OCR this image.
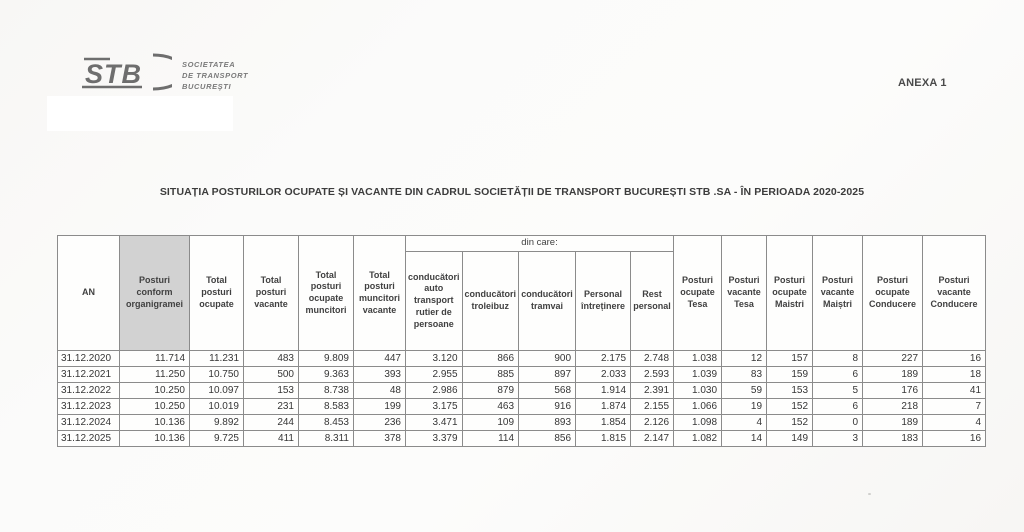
STB	SOCIETATEA
DE TRANSPORT
BUCUREŞTI	ANEXA 1
SITUAȚIA POSTURILOR OCUPATE ȘI VACANTE DIN CADRUL SOCIETĂȚII DE TRANSPORT BUCUREȘTI STB .SA - ÎN PERIOADA 2020-2025
AN	Posturi conform organigramei	Total posturi ocupate	Total posturi vacante	Total posturi ocupate muncitori	Total posturi muncitori vacante	din care:					Posturi ocupate Tesa	Posturi vacante Tesa	Posturi ocupate Maistri	Posturi vacante Maiștri	Posturi ocupate Conducere	Posturi vacante Conducere
						conducători auto transport rutier de persoane	conducători troleibuz	conducători tramvai	Personal întreținere	Rest personal						
31.12.2020	11.714	11.231	483	9.809	447	3.120	866	900	2.175	2.748	1.038	12	157	8	227	16
31.12.2021	11.250	10.750	500	9.363	393	2.955	885	897	2.033	2.593	1.039	83	159	6	189	18
31.12.2022	10.250	10.097	153	8.738	48	2.986	879	568	1.914	2.391	1.030	59	153	5	176	41
31.12.2023	10.250	10.019	231	8.583	199	3.175	463	916	1.874	2.155	1.066	19	152	6	218	7
31.12.2024	10.136	9.892	244	8.453	236	3.471	109	893	1.854	2.126	1.098	4	152	0	189	4
31.12.2025	10.136	9.725	411	8.311	378	3.379	114	856	1.815	2.147	1.082	14	149	3	183	16
